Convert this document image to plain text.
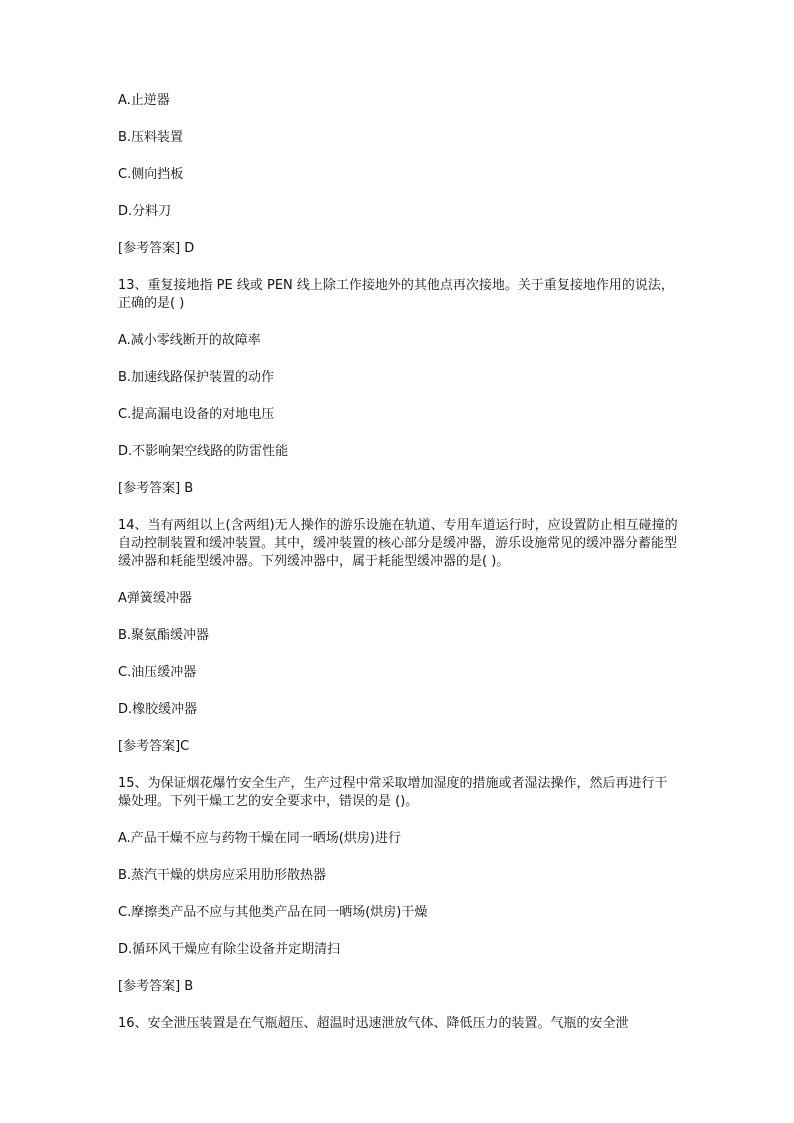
A.止逆器

B.压料装置

C.侧向挡板

D.分料刀

[参考答案] D

13、重复接地指 PE 线或 PEN 线上除工作接地外的其他点再次接地。关于重复接地作用的说法，正确的是( )

A.减小零线断开的故障率

B.加速线路保护装置的动作

C.提高漏电设备的对地电压

D.不影响架空线路的防雷性能

[参考答案] B

14、当有两组以上(含两组)无人操作的游乐设施在轨道、专用车道运行时，应设置防止相互碰撞的自动控制装置和缓冲装置。其中，缓冲装置的核心部分是缓冲器，游乐设施常见的缓冲器分蓄能型缓冲器和耗能型缓冲器。下列缓冲器中，属于耗能型缓冲器的是( )。

A弹簧缓冲器

B.聚氨酯缓冲器

C.油压缓冲器

D.橡胶缓冲器

[参考答案]C

15、为保证烟花爆竹安全生产，生产过程中常采取增加湿度的措施或者湿法操作，然后再进行干燥处理。下列干燥工艺的安全要求中，错误的是 ()。

A.产品干燥不应与药物干燥在同一晒场(烘房)进行

B.蒸汽干燥的烘房应采用肋形散热器

C.摩擦类产品不应与其他类产品在同一晒场(烘房)干燥

D.循环风干燥应有除尘设备并定期清扫

[参考答案] B

16、安全泄压装置是在气瓶超压、超温时迅速泄放气体、降低压力的装置。气瓶的安全泄
